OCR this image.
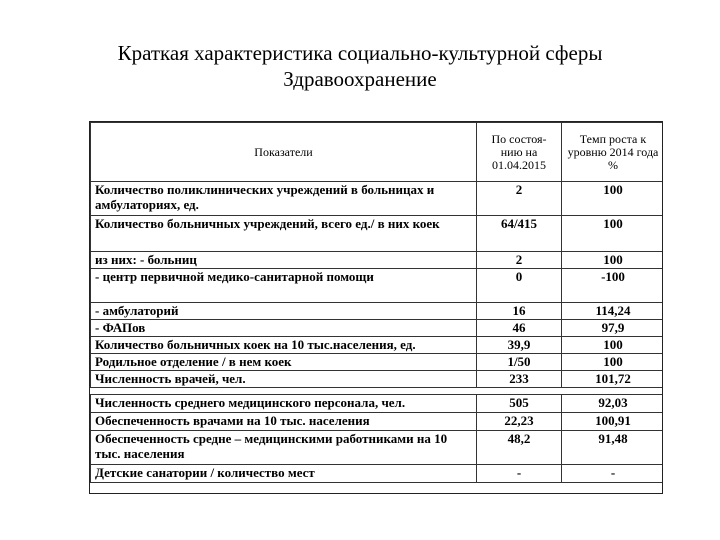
Краткая характеристика социально-культурной сферы
Здравоохранение
Показатели	По состоя-нию на 01.04.2015	Темп роста к уровню 2014 года %
Количество поликлинических учреждений в больницах и амбулаториях, ед.	2	100
Количество больничных учреждений, всего ед./ в них коек	64/415	100
из них: - больниц	2	100
- центр первичной медико-санитарной помощи	0	-100
- амбулаторий	16	114,24
- ФАПов	46	97,9
Количество больничных коек на 10 тыс.населения, ед.	39,9	100
Родильное отделение / в нем коек	1/50	100
Численность врачей, чел.	233	101,72

Численность среднего медицинского персонала, чел.	505	92,03
Обеспеченность врачами на 10 тыс. населения	22,23	100,91
Обеспеченность средне – медицинскими работниками на 10 тыс. населения	48,2	91,48
Детские санатории / количество мест	-	-
